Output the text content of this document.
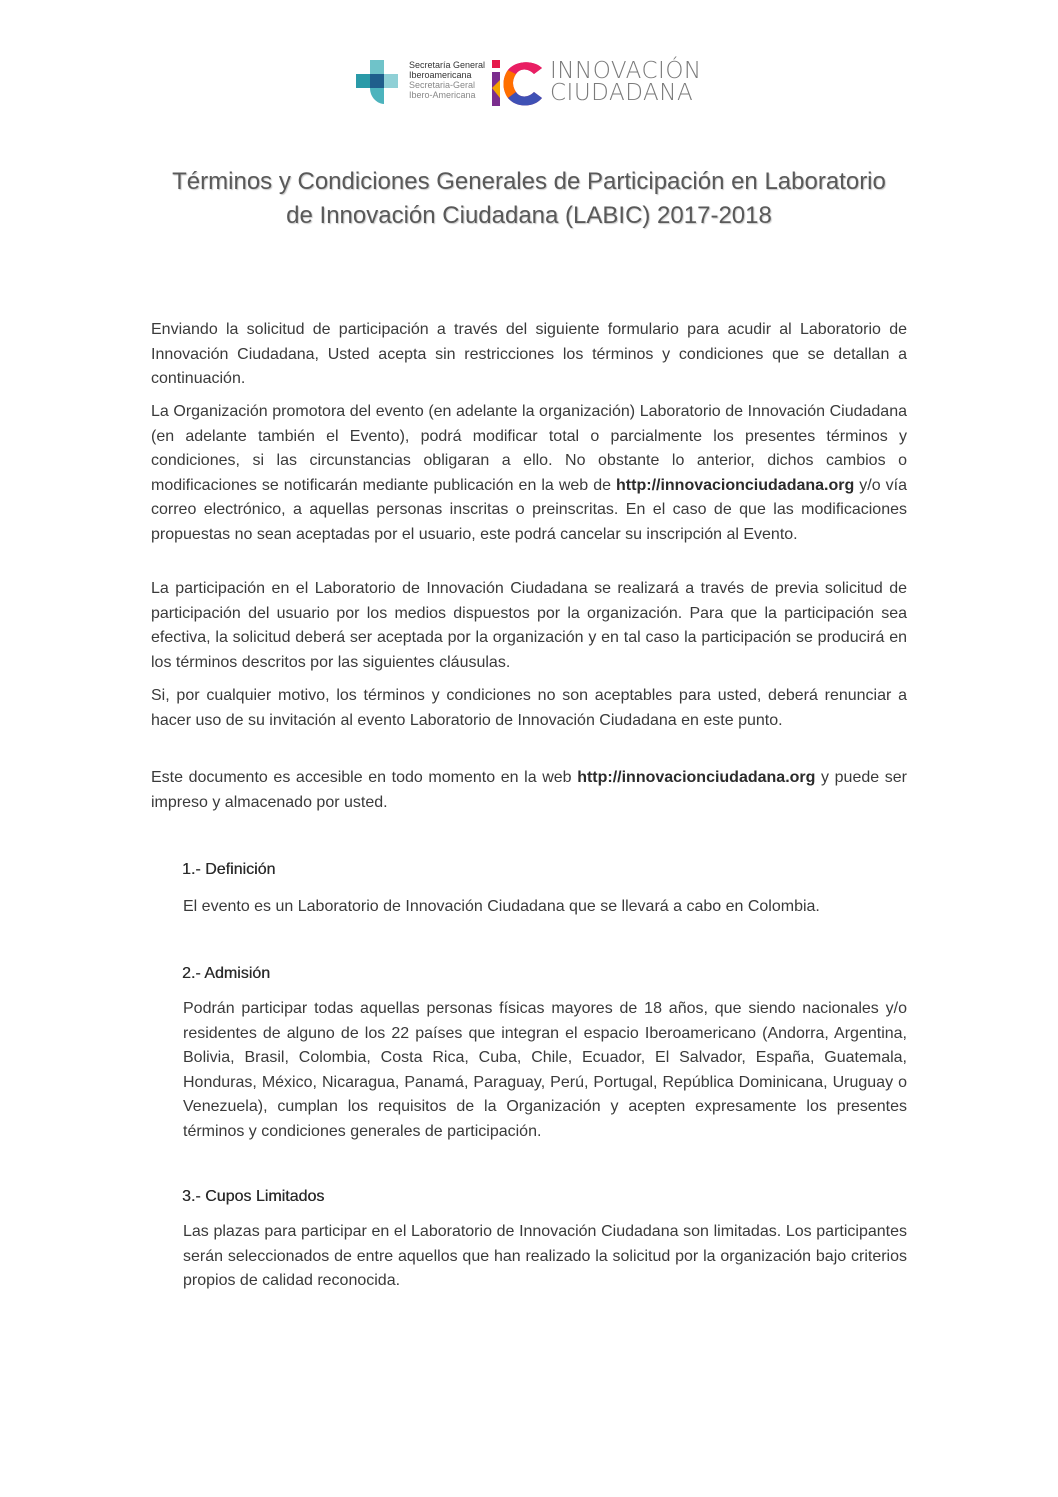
Secretaría General
Iberoamericana
Secretaria-Geral
Ibero-Americana
INNOVACIÓN
CIUDADANA
Términos y Condiciones Generales de Participación en Laboratorio
de Innovación Ciudadana (LABIC) 2017-2018

Enviando la solicitud de participación a través del siguiente formulario para acudir al Laboratorio de Innovación Ciudadana, Usted acepta sin restricciones los términos y condiciones que se detallan a continuación.

La Organización promotora del evento (en adelante la organización) Laboratorio de Innovación Ciudadana (en adelante también el Evento), podrá modificar total o parcialmente los presentes términos y condiciones, si las circunstancias obligaran a ello. No obstante lo anterior, dichos cambios o modificaciones se notificarán mediante publicación en la web de http://innovacionciudadana.org y/o vía correo electrónico, a aquellas personas inscritas o preinscritas. En el caso de que las modificaciones propuestas no sean aceptadas por el usuario, este podrá cancelar su inscripción al Evento.

La participación en el Laboratorio de Innovación Ciudadana se realizará a través de previa solicitud de participación del usuario por los medios dispuestos por la organización. Para que la participación sea efectiva, la solicitud deberá ser aceptada por la organización y en tal caso la participación se producirá en los términos descritos por las siguientes cláusulas.

Si, por cualquier motivo, los términos y condiciones no son aceptables para usted, deberá renunciar a hacer uso de su invitación al evento Laboratorio de Innovación Ciudadana en este punto.

Este documento es accesible en todo momento en la web http://innovacionciudadana.org y puede ser impreso y almacenado por usted.

1.- Definición

El evento es un Laboratorio de Innovación Ciudadana que se llevará a cabo en Colombia.

2.- Admisión

Podrán participar todas aquellas personas físicas mayores de 18 años, que siendo nacionales y/o residentes de alguno de los 22 países que integran el espacio Iberoamericano (Andorra, Argentina, Bolivia, Brasil, Colombia, Costa Rica, Cuba, Chile, Ecuador, El Salvador, España, Guatemala, Honduras, México, Nicaragua, Panamá, Paraguay, Perú, Portugal, República Dominicana, Uruguay o Venezuela), cumplan los requisitos de la Organización y acepten expresamente los presentes términos y condiciones generales de participación.

3.- Cupos Limitados

Las plazas para participar en el Laboratorio de Innovación Ciudadana son limitadas. Los participantes serán seleccionados de entre aquellos que han realizado la solicitud por la organización bajo criterios propios de calidad reconocida.
